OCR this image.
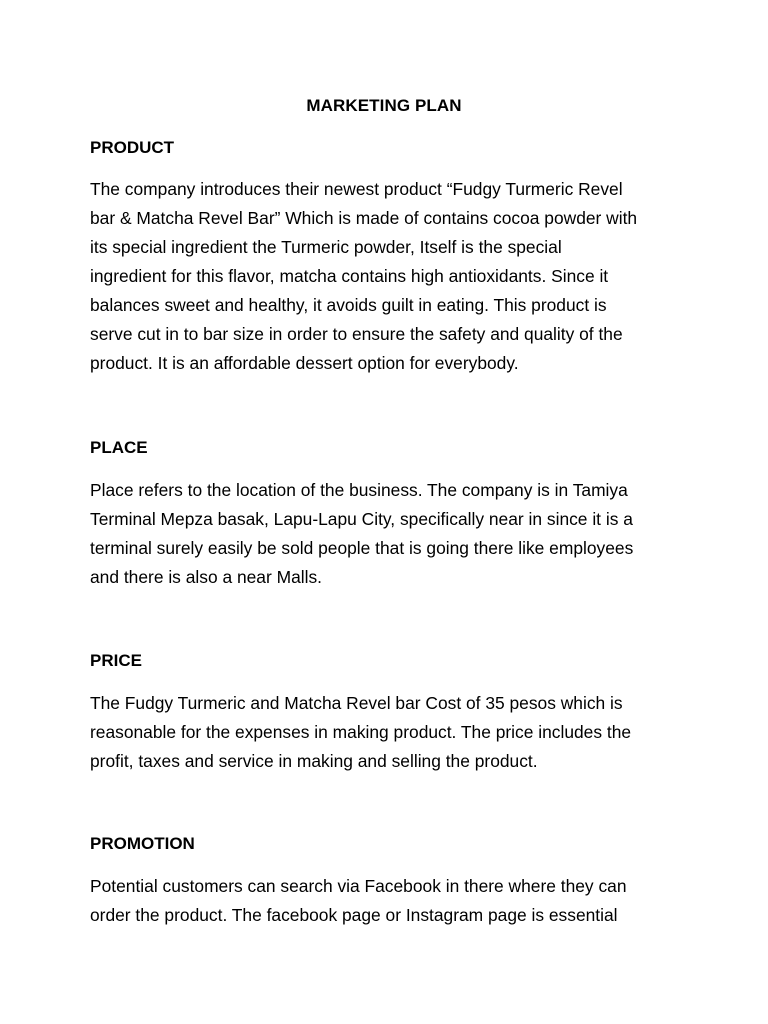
MARKETING PLAN
PRODUCT
The company introduces their newest product “Fudgy Turmeric Revel
bar & Matcha Revel Bar” Which is made of contains cocoa powder with
its special ingredient the Turmeric powder, Itself is the special
ingredient for this flavor, matcha contains high antioxidants. Since it
balances sweet and healthy, it avoids guilt in eating. This product is
serve cut in to bar size in order to ensure the safety and quality of the
product. It is an affordable dessert option for everybody.
PLACE
Place refers to the location of the business. The company is in Tamiya
Terminal Mepza basak, Lapu-Lapu City, specifically near in since it is a
terminal surely easily be sold people that is going there like employees
and there is also a near Malls.
PRICE
The Fudgy Turmeric and Matcha Revel bar Cost of 35 pesos which is
reasonable for the expenses in making product. The price includes the
profit, taxes and service in making and selling the product.
PROMOTION
Potential customers can search via Facebook in there where they can
order the product. The facebook page or Instagram page is essential
